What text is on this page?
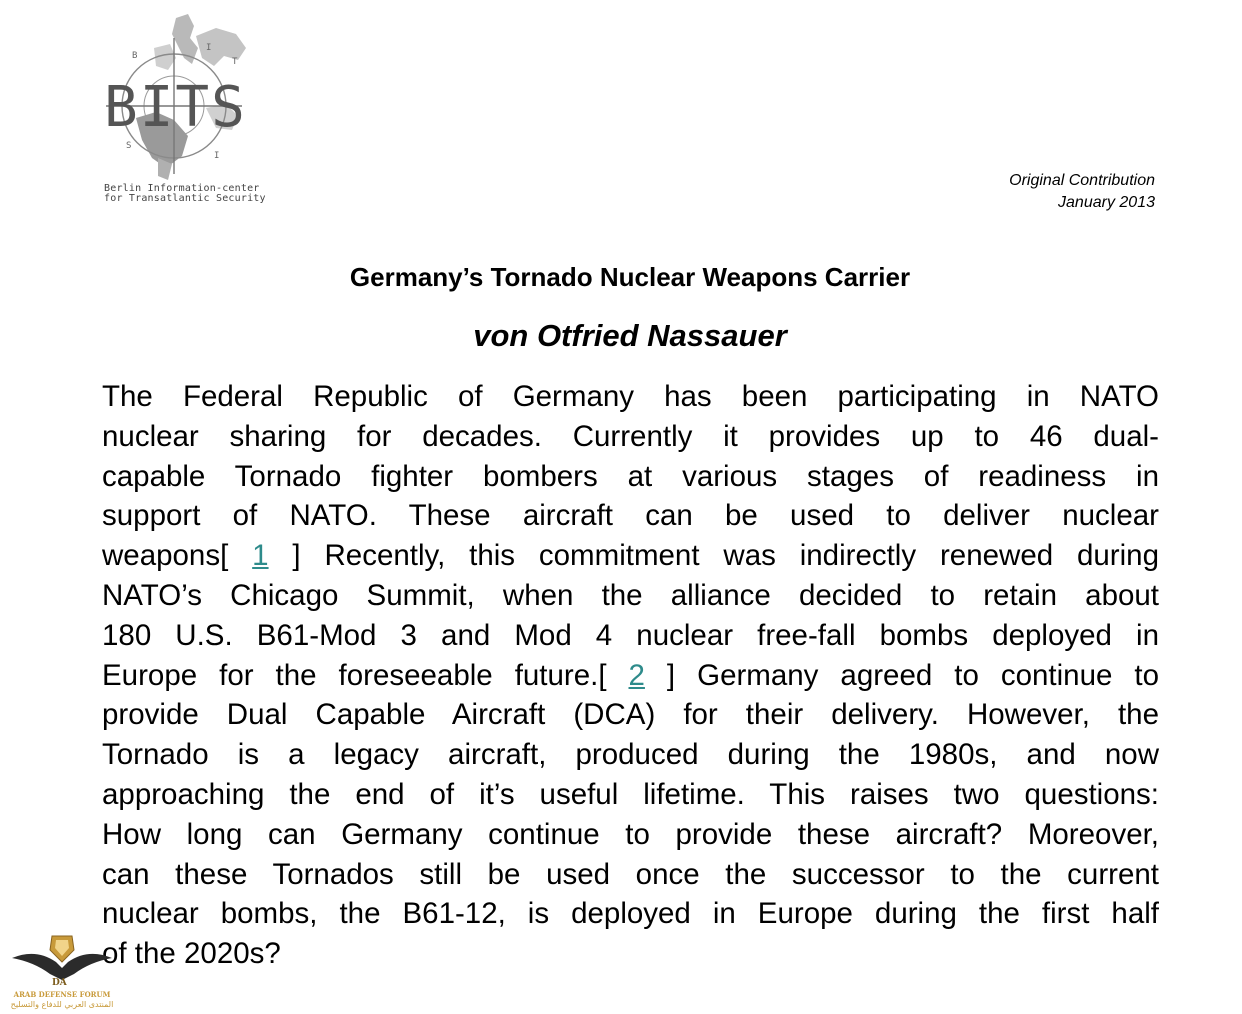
B
I
T
S
I
BITS
Berlin Information-center
for Transatlantic Security
Original Contribution
January 2013
Germany’s Tornado Nuclear Weapons Carrier
von Otfried Nassauer
The Federal Republic of Germany has been participating in NATO
nuclear sharing for decades. Currently it provides up to 46 dual-
capable Tornado fighter bombers at various stages of readiness in
support of NATO. These aircraft can be used to deliver nuclear
weapons[ 1 ] Recently, this commitment was indirectly renewed during
NATO’s Chicago Summit, when the alliance decided to retain about
180 U.S. B61-Mod 3 and Mod 4 nuclear free-fall bombs deployed in
Europe for the foreseeable future.[ 2 ] Germany agreed to continue to
provide Dual Capable Aircraft (DCA) for their delivery. However, the
Tornado is a legacy aircraft, produced during the 1980s, and now
approaching the end of it’s useful lifetime. This raises two questions:
How long can Germany continue to provide these aircraft? Moreover,
can these Tornados still be used once the successor to the current
nuclear bombs, the B61-12, is deployed in Europe during the first half
of the 2020s?
DA
ARAB DEFENSE FORUM
المنتدى العربي للدفاع والتسليح
